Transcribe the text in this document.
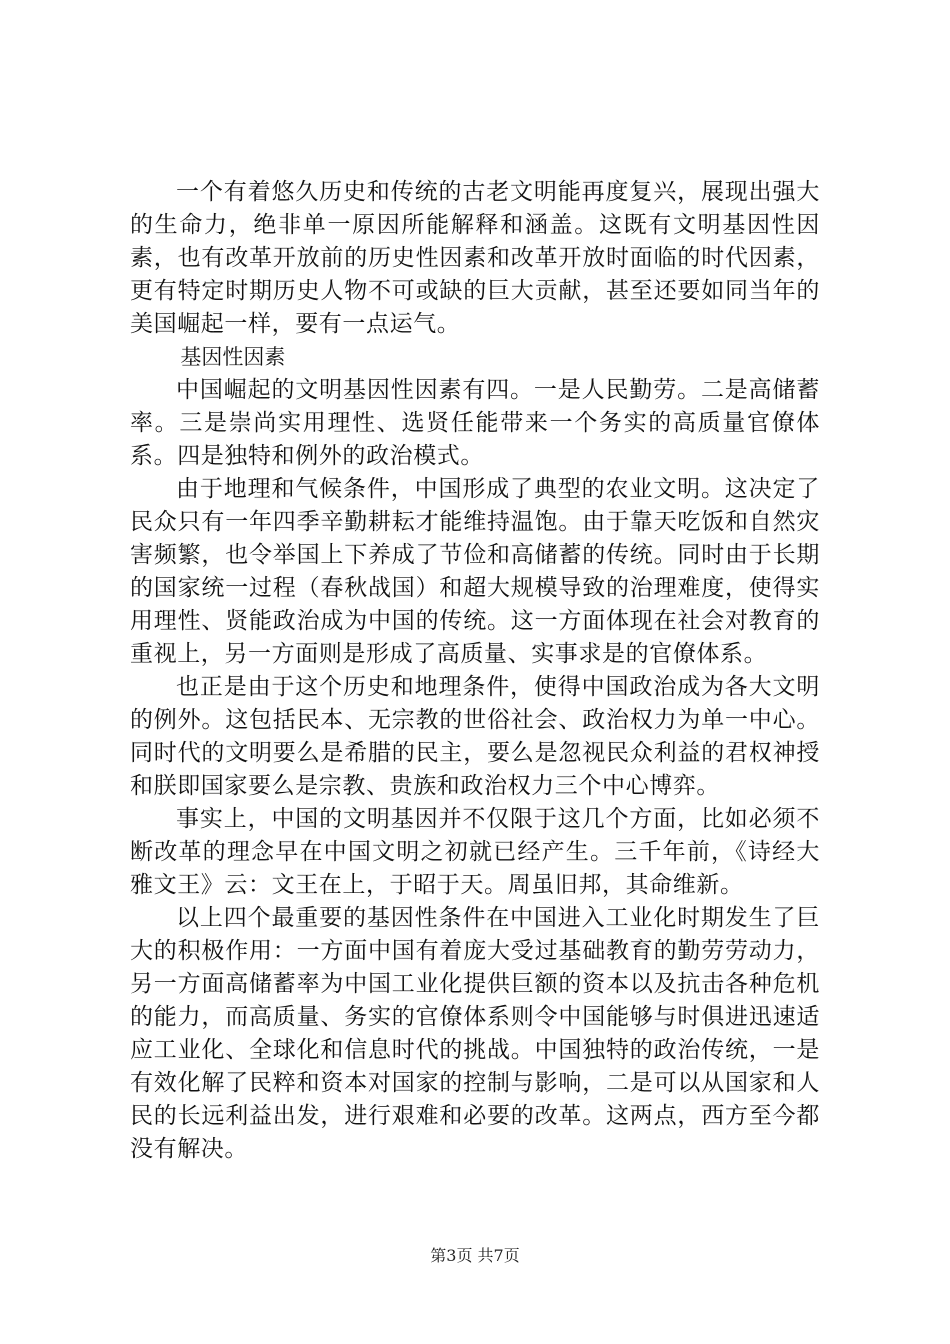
一个有着悠久历史和传统的古老文明能再度复兴，展现出强大的生命力，绝非单一原因所能解释和涵盖。这既有文明基因性因素，也有改革开放前的历史性因素和改革开放时面临的时代因素，更有特定时期历史人物不可或缺的巨大贡献，甚至还要如同当年的美国崛起一样，要有一点运气。

基因性因素

中国崛起的文明基因性因素有四。一是人民勤劳。二是高储蓄率。三是崇尚实用理性、选贤任能带来一个务实的高质量官僚体系。四是独特和例外的政治模式。

由于地理和气候条件，中国形成了典型的农业文明。这决定了民众只有一年四季辛勤耕耘才能维持温饱。由于靠天吃饭和自然灾害频繁，也令举国上下养成了节俭和高储蓄的传统。同时由于长期的国家统一过程（春秋战国）和超大规模导致的治理难度，使得实用理性、贤能政治成为中国的传统。这一方面体现在社会对教育的重视上，另一方面则是形成了高质量、实事求是的官僚体系。

也正是由于这个历史和地理条件，使得中国政治成为各大文明的例外。这包括民本、无宗教的世俗社会、政治权力为单一中心。同时代的文明要么是希腊的民主，要么是忽视民众利益的君权神授和朕即国家要么是宗教、贵族和政治权力三个中心博弈。

事实上，中国的文明基因并不仅限于这几个方面，比如必须不断改革的理念早在中国文明之初就已经产生。三千年前，《诗经大雅文王》云：文王在上，于昭于天。周虽旧邦，其命维新。

以上四个最重要的基因性条件在中国进入工业化时期发生了巨大的积极作用：一方面中国有着庞大受过基础教育的勤劳劳动力，另一方面高储蓄率为中国工业化提供巨额的资本以及抗击各种危机的能力，而高质量、务实的官僚体系则令中国能够与时俱进迅速适应工业化、全球化和信息时代的挑战。中国独特的政治传统，一是有效化解了民粹和资本对国家的控制与影响，二是可以从国家和人民的长远利益出发，进行艰难和必要的改革。这两点，西方至今都没有解决。

第3页 共7页
